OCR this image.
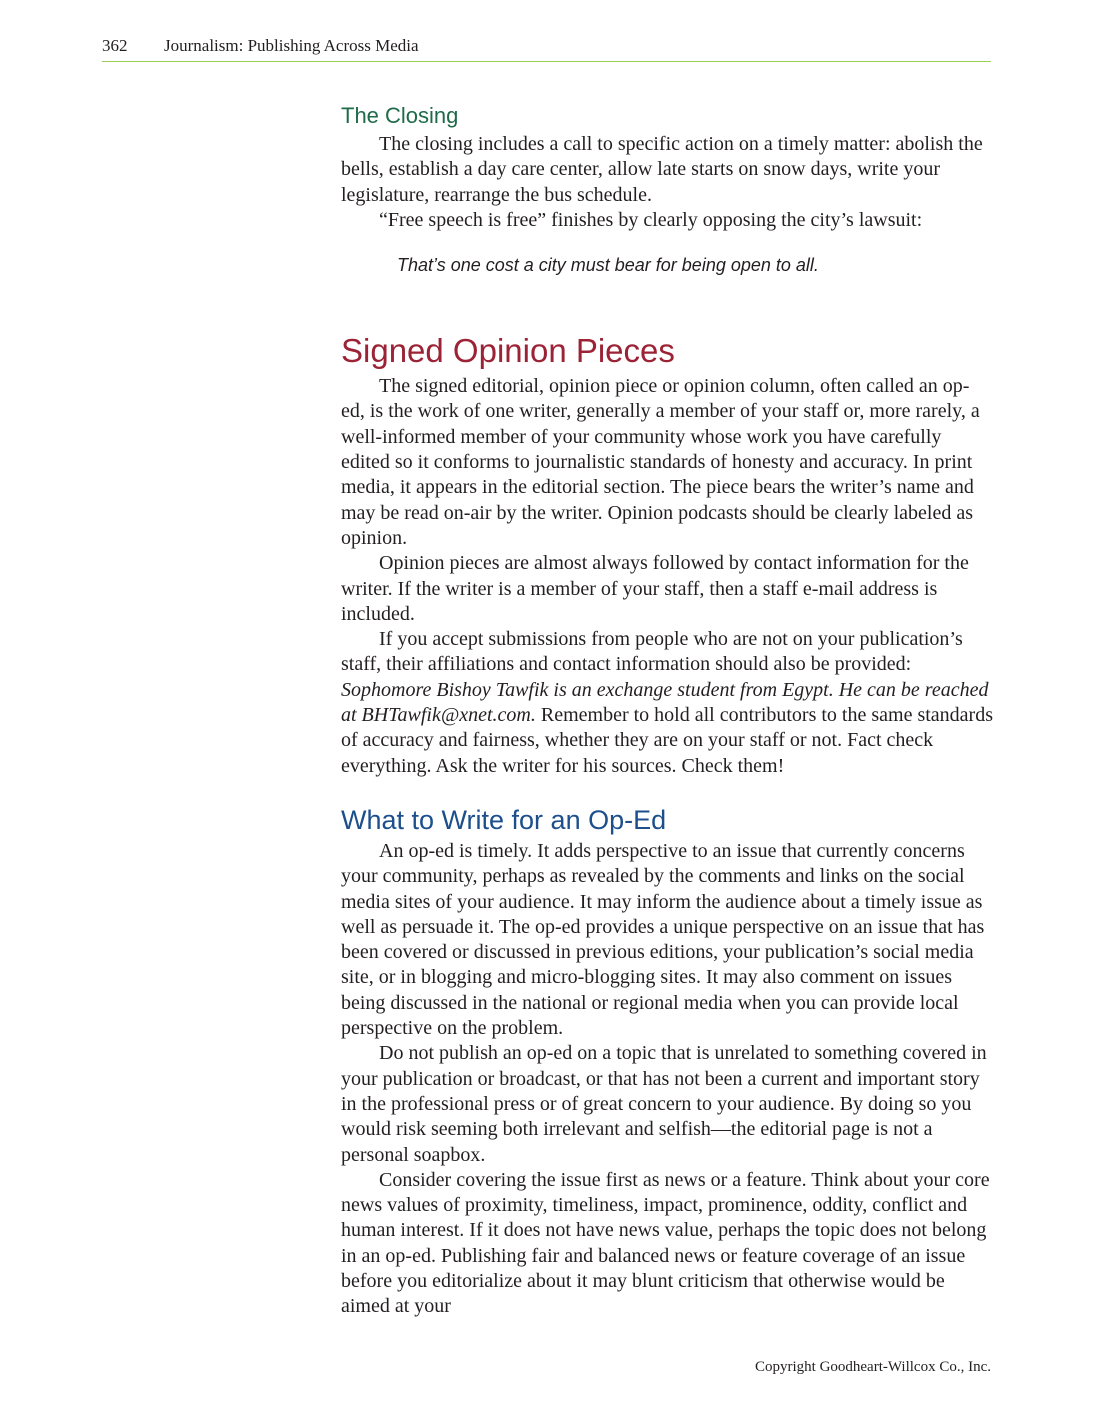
362 Journalism: Publishing Across Media
The Closing

The closing includes a call to specific action on a timely matter: abolish the bells, establish a day care center, allow late starts on snow days, write your legislature, rearrange the bus schedule.

“Free speech is free” finishes by clearly opposing the city’s lawsuit:

That’s one cost a city must bear for being open to all.

Signed Opinion Pieces

The signed editorial, opinion piece or opinion column, often called an op-ed, is the work of one writer, generally a member of your staff or, more rarely, a well-informed member of your community whose work you have carefully edited so it conforms to journalistic standards of honesty and accuracy. In print media, it appears in the editorial section. The piece bears the writer’s name and may be read on-air by the writer. Opinion podcasts should be clearly labeled as opinion.

Opinion pieces are almost always followed by contact information for the writer. If the writer is a member of your staff, then a staff e-mail address is included.

If you accept submissions from people who are not on your publication’s staff, their affiliations and contact information should also be provided: Sophomore Bishoy Tawfik is an exchange student from Egypt. He can be reached at BHTawfik@xnet.com. Remember to hold all contributors to the same standards of accuracy and fairness, whether they are on your staff or not. Fact check everything. Ask the writer for his sources. Check them!

What to Write for an Op-Ed

An op-ed is timely. It adds perspective to an issue that currently concerns your community, perhaps as revealed by the comments and links on the social media sites of your audience. It may inform the audience about a timely issue as well as persuade it. The op-ed provides a unique perspective on an issue that has been covered or discussed in previous editions, your publication’s social media site, or in blogging and micro-blogging sites. It may also comment on issues being discussed in the national or regional media when you can provide local perspective on the problem.

Do not publish an op-ed on a topic that is unrelated to something covered in your publication or broadcast, or that has not been a current and important story in the professional press or of great concern to your audience. By doing so you would risk seeming both irrelevant and selfish—the editorial page is not a personal soapbox.

Consider covering the issue first as news or a feature. Think about your core news values of proximity, timeliness, impact, prominence, oddity, conflict and human interest. If it does not have news value, perhaps the topic does not belong in an op-ed. Publishing fair and balanced news or feature coverage of an issue before you editorialize about it may blunt criticism that otherwise would be aimed at your

Copyright Goodheart-Willcox Co., Inc.
